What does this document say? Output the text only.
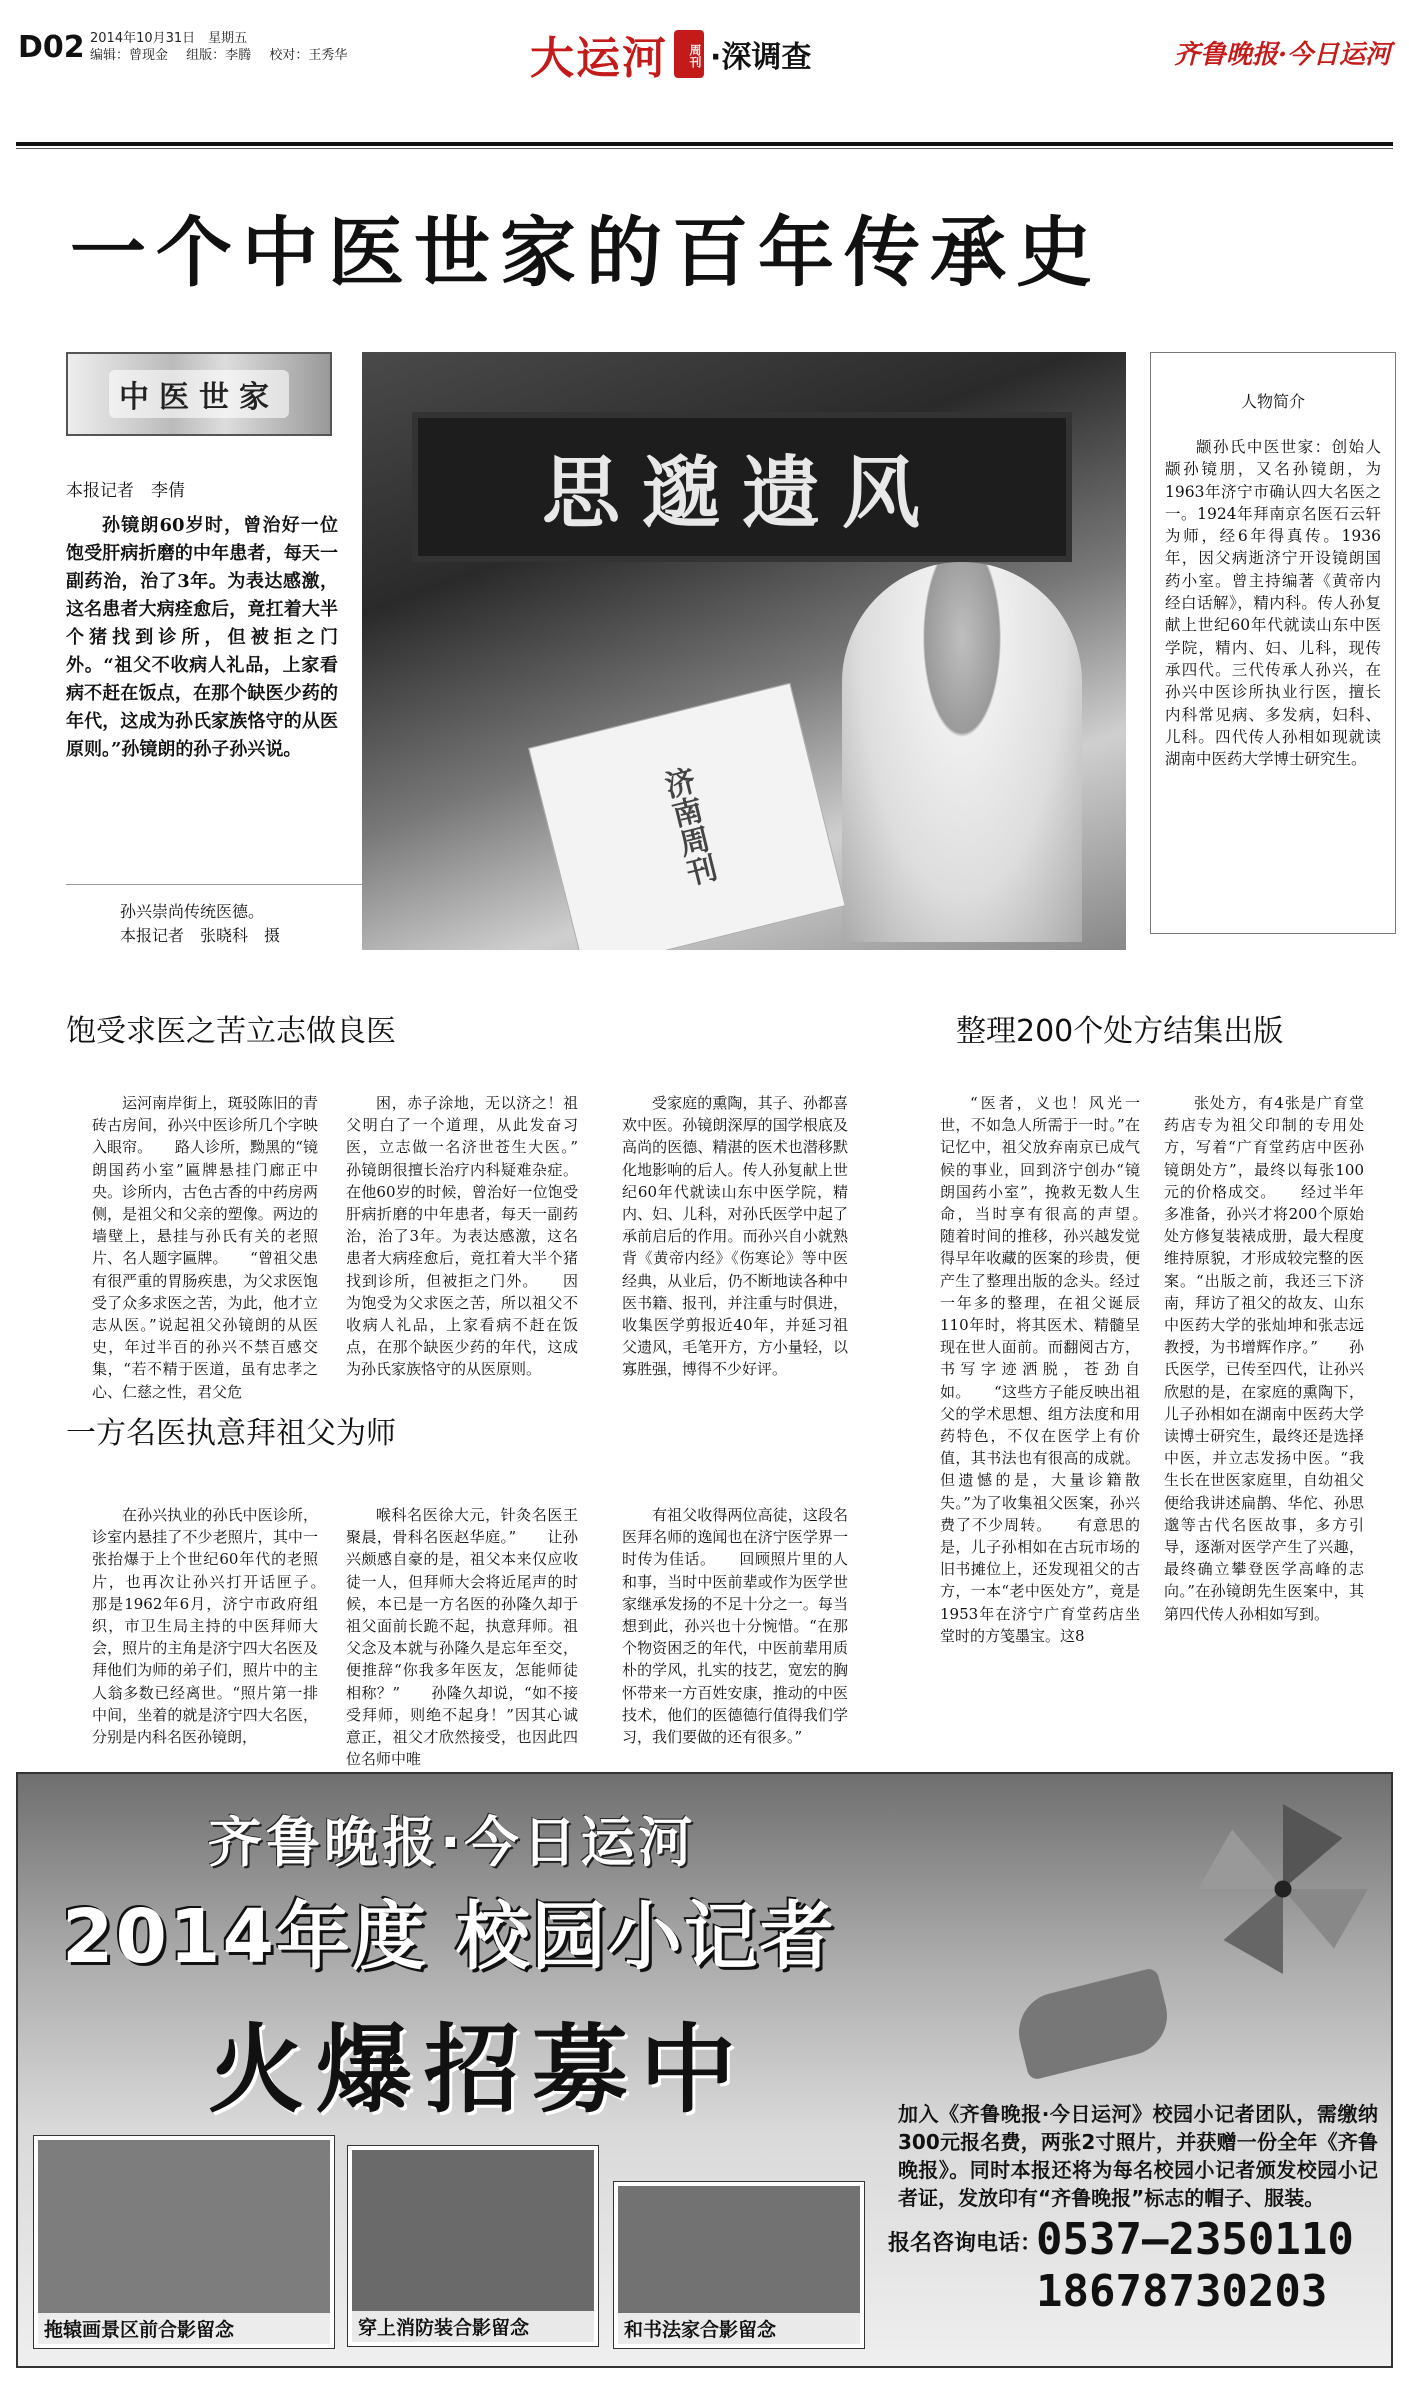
D02 2014年10月31日　星期五
编辑：曾现金 组版：李腾 校对：王秀华	大运河	周刊 ·深调查	齐鲁晚报·今日运河
一个中医世家的百年传承史
中医世家
本报记者　李倩
孙镜朗60岁时，曾治好一位饱受肝病折磨的中年患者，每天一副药治，治了3年。为表达感激，这名患者大病痊愈后，竟扛着大半个猪找到诊所，但被拒之门外。“祖父不收病人礼品，上家看病不赶在饭点，在那个缺医少药的年代，这成为孙氏家族恪守的从医原则。”孙镜朗的孙子孙兴说。
思邈遗风
济南周刊
孙兴崇尚传统医德。
本报记者　张晓科　摄
人物简介
颛孙氏中医世家：创始人颛孙镜朋，又名孙镜朗，为1963年济宁市确认四大名医之一。1924年拜南京名医石云轩为师，经6年得真传。1936年，因父病逝济宁开设镜朗国药小室。曾主持编著《黄帝内经白话解》，精内科。传人孙复献上世纪60年代就读山东中医学院，精内、妇、儿科，现传承四代。三代传承人孙兴，在孙兴中医诊所执业行医，擅长内科常见病、多发病，妇科、儿科。四代传人孙相如现就读湖南中医药大学博士研究生。
饱受求医之苦立志做良医

运河南岸街上，斑驳陈旧的青砖古房间，孙兴中医诊所几个字映入眼帘。　　路人诊所，黝黑的“镜朗国药小室”匾牌悬挂门廊正中央。诊所内，古色古香的中药房两侧，是祖父和父亲的塑像。两边的墙壁上，悬挂与孙氏有关的老照片、名人题字匾牌。　　“曾祖父患有很严重的胃肠疾患，为父求医饱受了众多求医之苦，为此，他才立志从医。”说起祖父孙镜朗的从医史，年过半百的孙兴不禁百感交集，“若不精于医道，虽有忠孝之心、仁慈之性，君父危

困，赤子涂地，无以济之！祖父明白了一个道理，从此发奋习医，立志做一名济世苍生大医。”　　孙镜朗很擅长治疗内科疑难杂症。在他60岁的时候，曾治好一位饱受肝病折磨的中年患者，每天一副药治，治了3年。为表达感激，这名患者大病痊愈后，竟扛着大半个猪找到诊所，但被拒之门外。　　因为饱受为父求医之苦，所以祖父不收病人礼品，上家看病不赶在饭点，在那个缺医少药的年代，这成为孙氏家族恪守的从医原则。

受家庭的熏陶，其子、孙都喜欢中医。孙镜朗深厚的国学根底及高尚的医德、精湛的医术也潜移默化地影响的后人。传人孙复献上世纪60年代就读山东中医学院，精内、妇、儿科，对孙氏医学中起了承前启后的作用。而孙兴自小就熟背《黄帝内经》《伤寒论》等中医经典，从业后，仍不断地读各种中医书籍、报刊，并注重与时俱进，收集医学剪报近40年，并延习祖父遗风，毛笔开方，方小量轻，以寡胜强，博得不少好评。

一方名医执意拜祖父为师

在孙兴执业的孙氏中医诊所，诊室内悬挂了不少老照片，其中一张抬爆于上个世纪60年代的老照片，也再次让孙兴打开话匣子。　　那是1962年6月，济宁市政府组织，市卫生局主持的中医拜师大会，照片的主角是济宁四大名医及拜他们为师的弟子们，照片中的主人翁多数已经离世。“照片第一排中间，坐着的就是济宁四大名医，分别是内科名医孙镜朗，

喉科名医徐大元，针灸名医王聚晨，骨科名医赵华庭。”　　让孙兴颇感自豪的是，祖父本来仅应收徒一人，但拜师大会将近尾声的时候，本已是一方名医的孙隆久却于祖父面前长跪不起，执意拜师。祖父念及本就与孙隆久是忘年至交，便推辞“你我多年医友，怎能师徒相称？”　　孙隆久却说，“如不接受拜师，则绝不起身！”因其心诚意正，祖父才欣然接受，也因此四位名师中唯

有祖父收得两位高徒，这段名医拜名师的逸闻也在济宁医学界一时传为佳话。　　回顾照片里的人和事，当时中医前辈或作为医学世家继承发扬的不足十分之一。每当想到此，孙兴也十分惋惜。“在那个物资困乏的年代，中医前辈用质朴的学风，扎实的技艺，宽宏的胸怀带来一方百姓安康，推动的中医技术，他们的医德德行值得我们学习，我们要做的还有很多。”

整理200个处方结集出版

“医者，义也！风光一世，不如急人所需于一时。”在记忆中，祖父放弃南京已成气候的事业，回到济宁创办“镜朗国药小室”，挽救无数人生命，当时享有很高的声望。　　随着时间的推移，孙兴越发觉得早年收藏的医案的珍贵，便产生了整理出版的念头。经过一年多的整理，在祖父诞辰110年时，将其医术、精髓呈现在世人面前。而翻阅古方，书写字迹洒脱，苍劲自如。　　“这些方子能反映出祖父的学术思想、组方法度和用药特色，不仅在医学上有价值，其书法也有很高的成就。但遗憾的是，大量诊籍散失。”为了收集祖父医案，孙兴费了不少周转。　　有意思的是，儿子孙相如在古玩市场的旧书摊位上，还发现祖父的古方，一本“老中医处方”，竟是1953年在济宁广育堂药店坐堂时的方笺墨宝。这8

张处方，有4张是广育堂药店专为祖父印制的专用处方，写着“广育堂药店中医孙镜朗处方”，最终以每张100元的价格成交。　　经过半年多准备，孙兴才将200个原始处方修复装裱成册，最大程度维持原貌，才形成较完整的医案。“出版之前，我还三下济南，拜访了祖父的故友、山东中医药大学的张灿坤和张志远教授，为书增辉作序。”　　孙氏医学，已传至四代，让孙兴欣慰的是，在家庭的熏陶下，儿子孙相如在湖南中医药大学读博士研究生，最终还是选择中医，并立志发扬中医。“我生长在世医家庭里，自幼祖父便给我讲述扁鹊、华佗、孙思邈等古代名医故事，多方引导，逐渐对医学产生了兴趣，最终确立攀登医学高峰的志向。”在孙镜朗先生医案中，其第四代传人孙相如写到。

齐鲁晚报·今日运河
2014年度 校园小记者
火爆招募中	加入《齐鲁晚报·今日运河》校园小记者团队，需缴纳300元报名费，两张2寸照片，并获赠一份全年《齐鲁晚报》。同时本报还将为每名校园小记者颁发校园小记者证，发放印有“齐鲁晚报”标志的帽子、服装。
报名咨询电话：
0537—2350110
18678730203
拖辕画景区前合影留念	穿上消防装合影留念	和书法家合影留念
